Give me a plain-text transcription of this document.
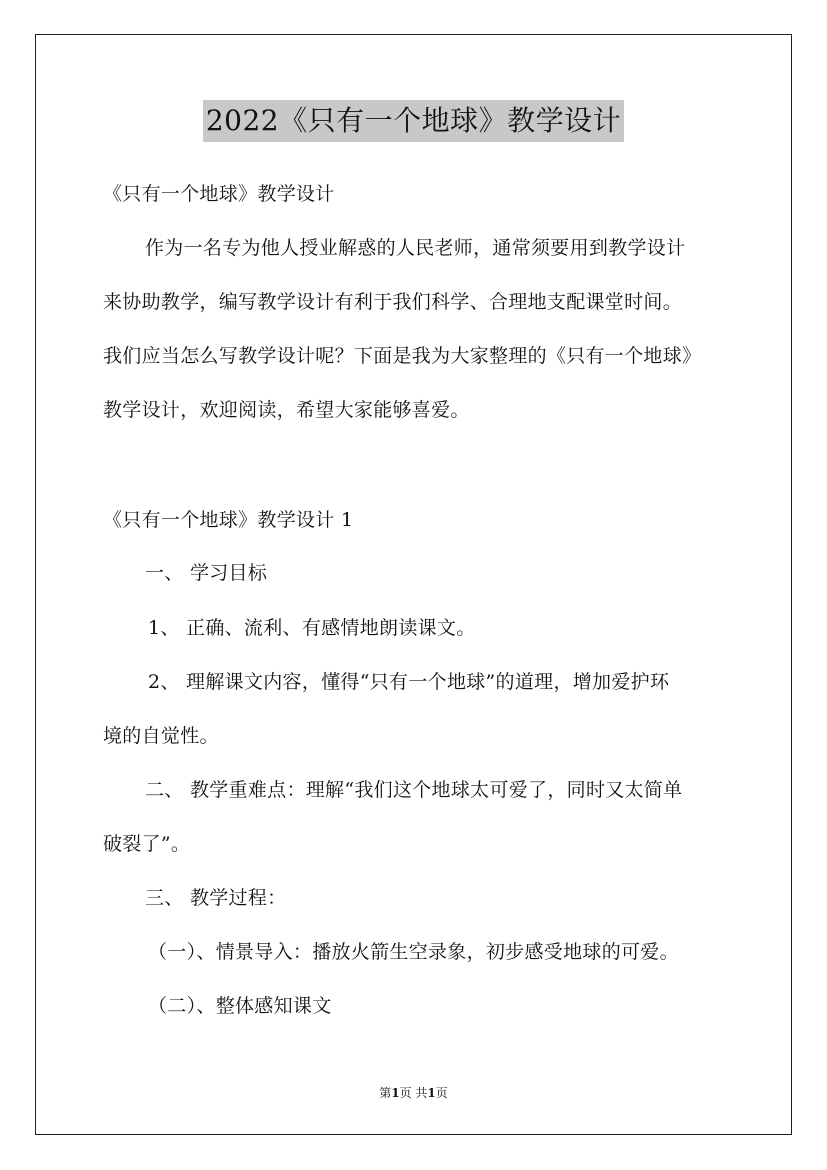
2022《只有一个地球》教学设计
《只有一个地球》教学设计
作为一名专为他人授业解惑的人民老师，通常须要用到教学设计
来协助教学，编写教学设计有利于我们科学、合理地支配课堂时间。
我们应当怎么写教学设计呢？下面是我为大家整理的《只有一个地球》
教学设计，欢迎阅读，希望大家能够喜爱。
《只有一个地球》教学设计 1
一、 学习目标
1、 正确、流利、有感情地朗读课文。
2、 理解课文内容，懂得“只有一个地球”的道理，增加爱护环
境的自觉性。
二、 教学重难点：理解“我们这个地球太可爱了，同时又太简单
破裂了”。
三、 教学过程：
（一）、情景导入：播放火箭生空录象，初步感受地球的可爱。
（二）、整体感知课文
第1页 共1页
